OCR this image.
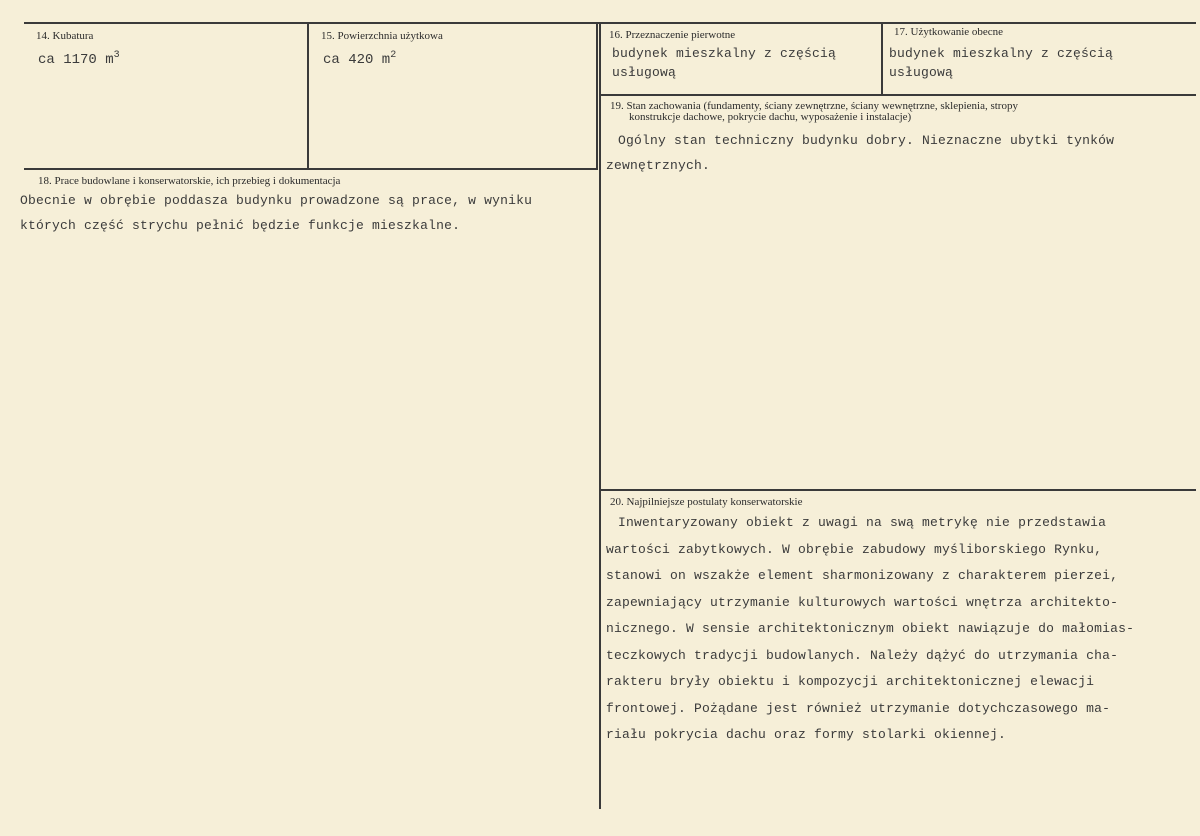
14. Kubatura
ca 1170 $m^3$
15. Powierzchnia użytkowa
ca 420 $m^2$
16. Przeznaczenie pierwotne
budynek mieszkalny z częścią
usługową
17. Użytkowanie obecne
budynek mieszkalny z częścią
usługową
19. Stan zachowania (fundamenty, ściany zewnętrzne, ściany wewnętrzne, sklepienia, stropy
konstrukcje dachowe, pokrycie dachu, wyposażenie i instalacje)
Ogólny stan techniczny budynku dobry. Nieznaczne ubytki tynków
zewnętrznych.
18. Prace budowlane i konserwatorskie, ich przebieg i dokumentacja
Obecnie w obrębie poddasza budynku prowadzone są prace, w wyniku
których część strychu pełnić będzie funkcje mieszkalne.
20. Najpilniejsze postulaty konserwatorskie
Inwentaryzowany obiekt z uwagi na swą metrykę nie przedstawia
wartości zabytkowych. W obrębie zabudowy myśliborskiego Rynku,
stanowi on wszakże element sharmonizowany z charakterem pierzei,
zapewniający utrzymanie kulturowych wartości wnętrza architekto-
nicznego. W sensie architektonicznym obiekt nawiązuje do małomias-
teczkowych tradycji budowlanych. Należy dążyć do utrzymania cha-
rakteru bryły obiektu i kompozycji architektonicznej elewacji
frontowej. Pożądane jest również utrzymanie dotychczasowego ma-
riału pokrycia dachu oraz formy stolarki okiennej.
